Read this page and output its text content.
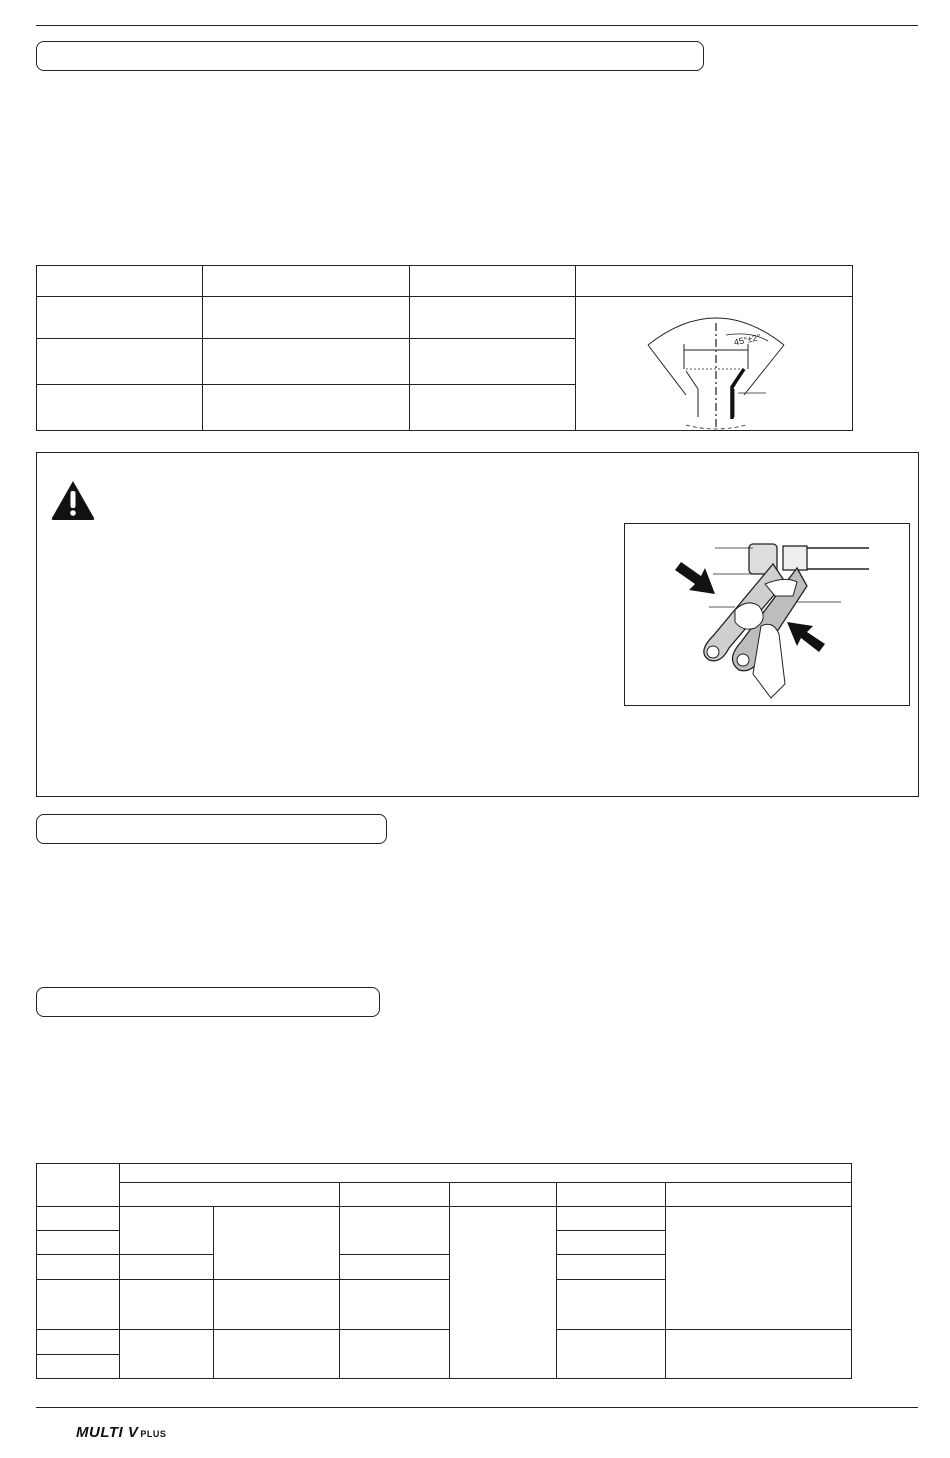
45°±2°

MULTI V PLUS
